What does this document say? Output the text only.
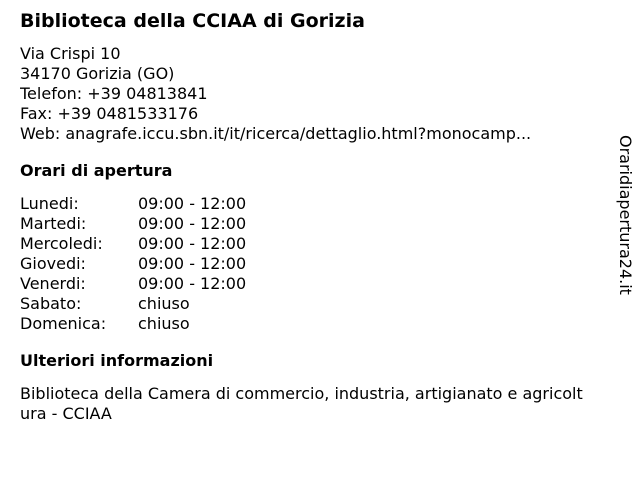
Biblioteca della CCIAA di Gorizia
Via Crispi 10
34170 Gorizia (GO)
Telefon: +39 04813841
Fax: +39 0481533176
Web: anagrafe.iccu.sbn.it/it/ricerca/dettaglio.html?monocamp...
Orari di apertura
Lunedi:	09:00 - 12:00
Martedi:	09:00 - 12:00
Mercoledi:	09:00 - 12:00
Giovedi:	09:00 - 12:00
Venerdi:	09:00 - 12:00
Sabato:	chiuso
Domenica:	chiuso
Ulteriori informazioni
Biblioteca della Camera di commercio, industria, artigianato e agricoltura - CCIAA
Oraridiapertura24.it
